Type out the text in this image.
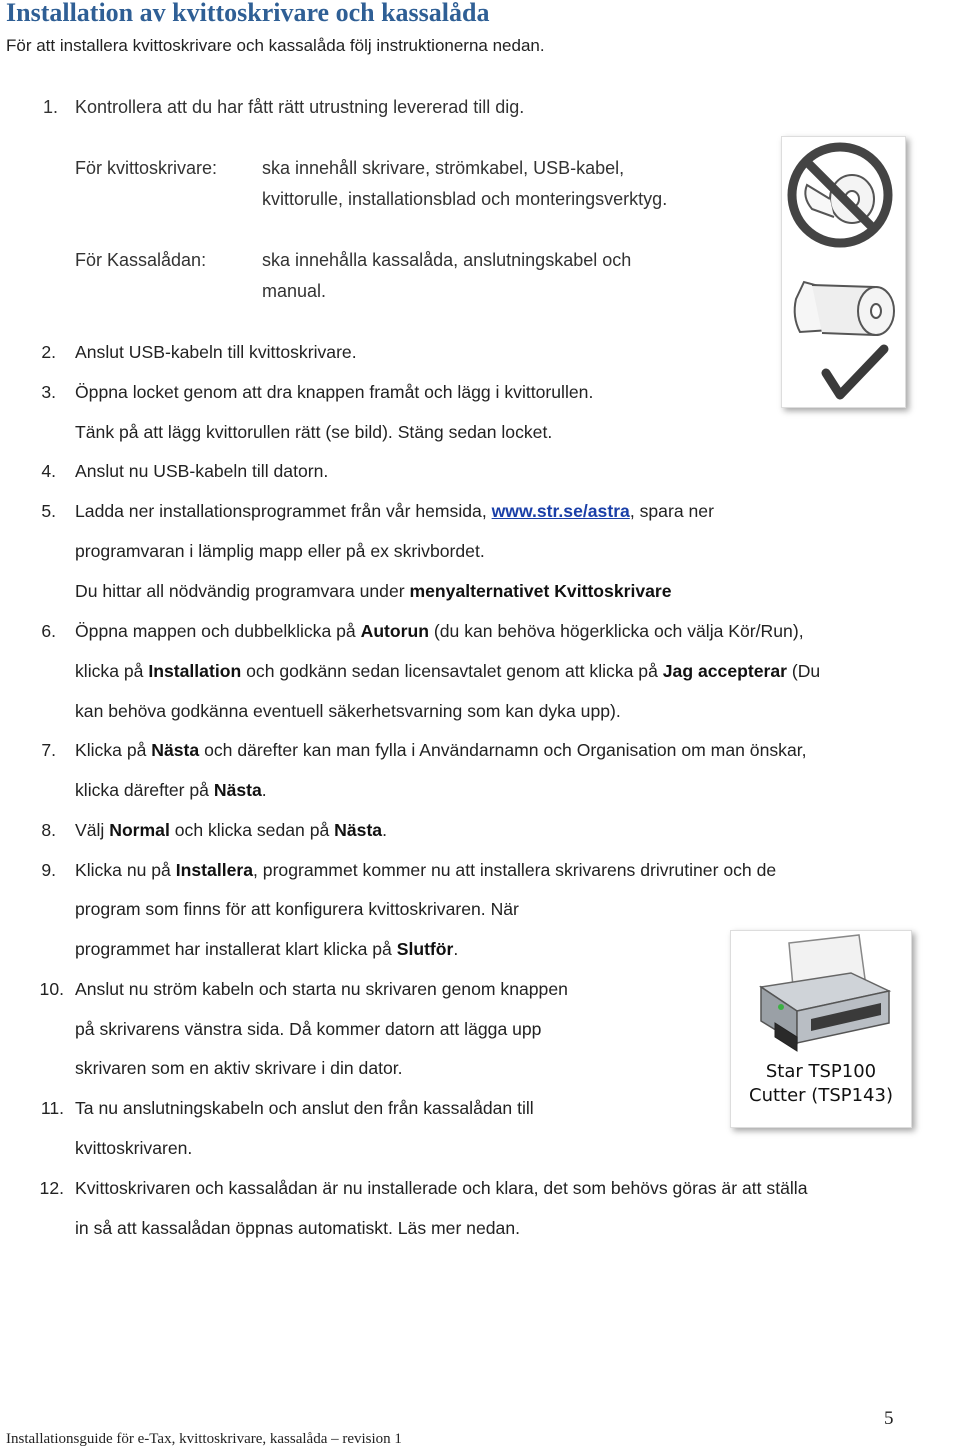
Installation av kvittoskrivare och kassalåda
För att installera kvittoskrivare och kassalåda följ instruktionerna nedan.
1. Kontrollera att du har fått rätt utrustning levererad till dig.
För kvittoskrivare: ska innehåll skrivare, strömkabel, USB-kabel,
kvittorulle, installationsblad och monteringsverktyg.
För Kassalådan:	ska innehålla kassalåda, anslutningskabel och
manual.
2. Anslut USB-kabeln till kvittoskrivare.
3. Öppna locket genom att dra knappen framåt och lägg i kvittorullen.
Tänk på att lägg kvittorullen rätt (se bild). Stäng sedan locket.
4. Anslut nu USB-kabeln till datorn.
5. Ladda ner installationsprogrammet från vår hemsida, www.str.se/astra, spara ner
programvaran i lämplig mapp eller på ex skrivbordet.
Du hittar all nödvändig programvara under menyalternativet Kvittoskrivare
6. Öppna mappen och dubbelklicka på Autorun (du kan behöva högerklicka och välja Kör/Run),
klicka på Installation och godkänn sedan licensavtalet genom att klicka på Jag accepterar (Du
kan behöva godkänna eventuell säkerhetsvarning som kan dyka upp).
7. Klicka på Nästa och därefter kan man fylla i Användarnamn och Organisation om man önskar,
klicka därefter på Nästa.
8. Välj Normal och klicka sedan på Nästa.
9. Klicka nu på Installera, programmet kommer nu att installera skrivarens drivrutiner och de
program som finns för att konfigurera kvittoskrivaren. När
programmet har installerat klart klicka på Slutför.
10. Anslut nu ström kabeln och starta nu skrivaren genom knappen
på skrivarens vänstra sida. Då kommer datorn att lägga upp
skrivaren som en aktiv skrivare i din dator.
11. Ta nu anslutningskabeln och anslut den från kassalådan till
kvittoskrivaren.
12. Kvittoskrivaren och kassalådan är nu installerade och klara, det som behövs göras är att ställa
in så att kassalådan öppnas automatiskt. Läs mer nedan.
Star TSP100
Cutter (TSP143)
5
Installationsguide för e-Tax, kvittoskrivare, kassalåda – revision 1
